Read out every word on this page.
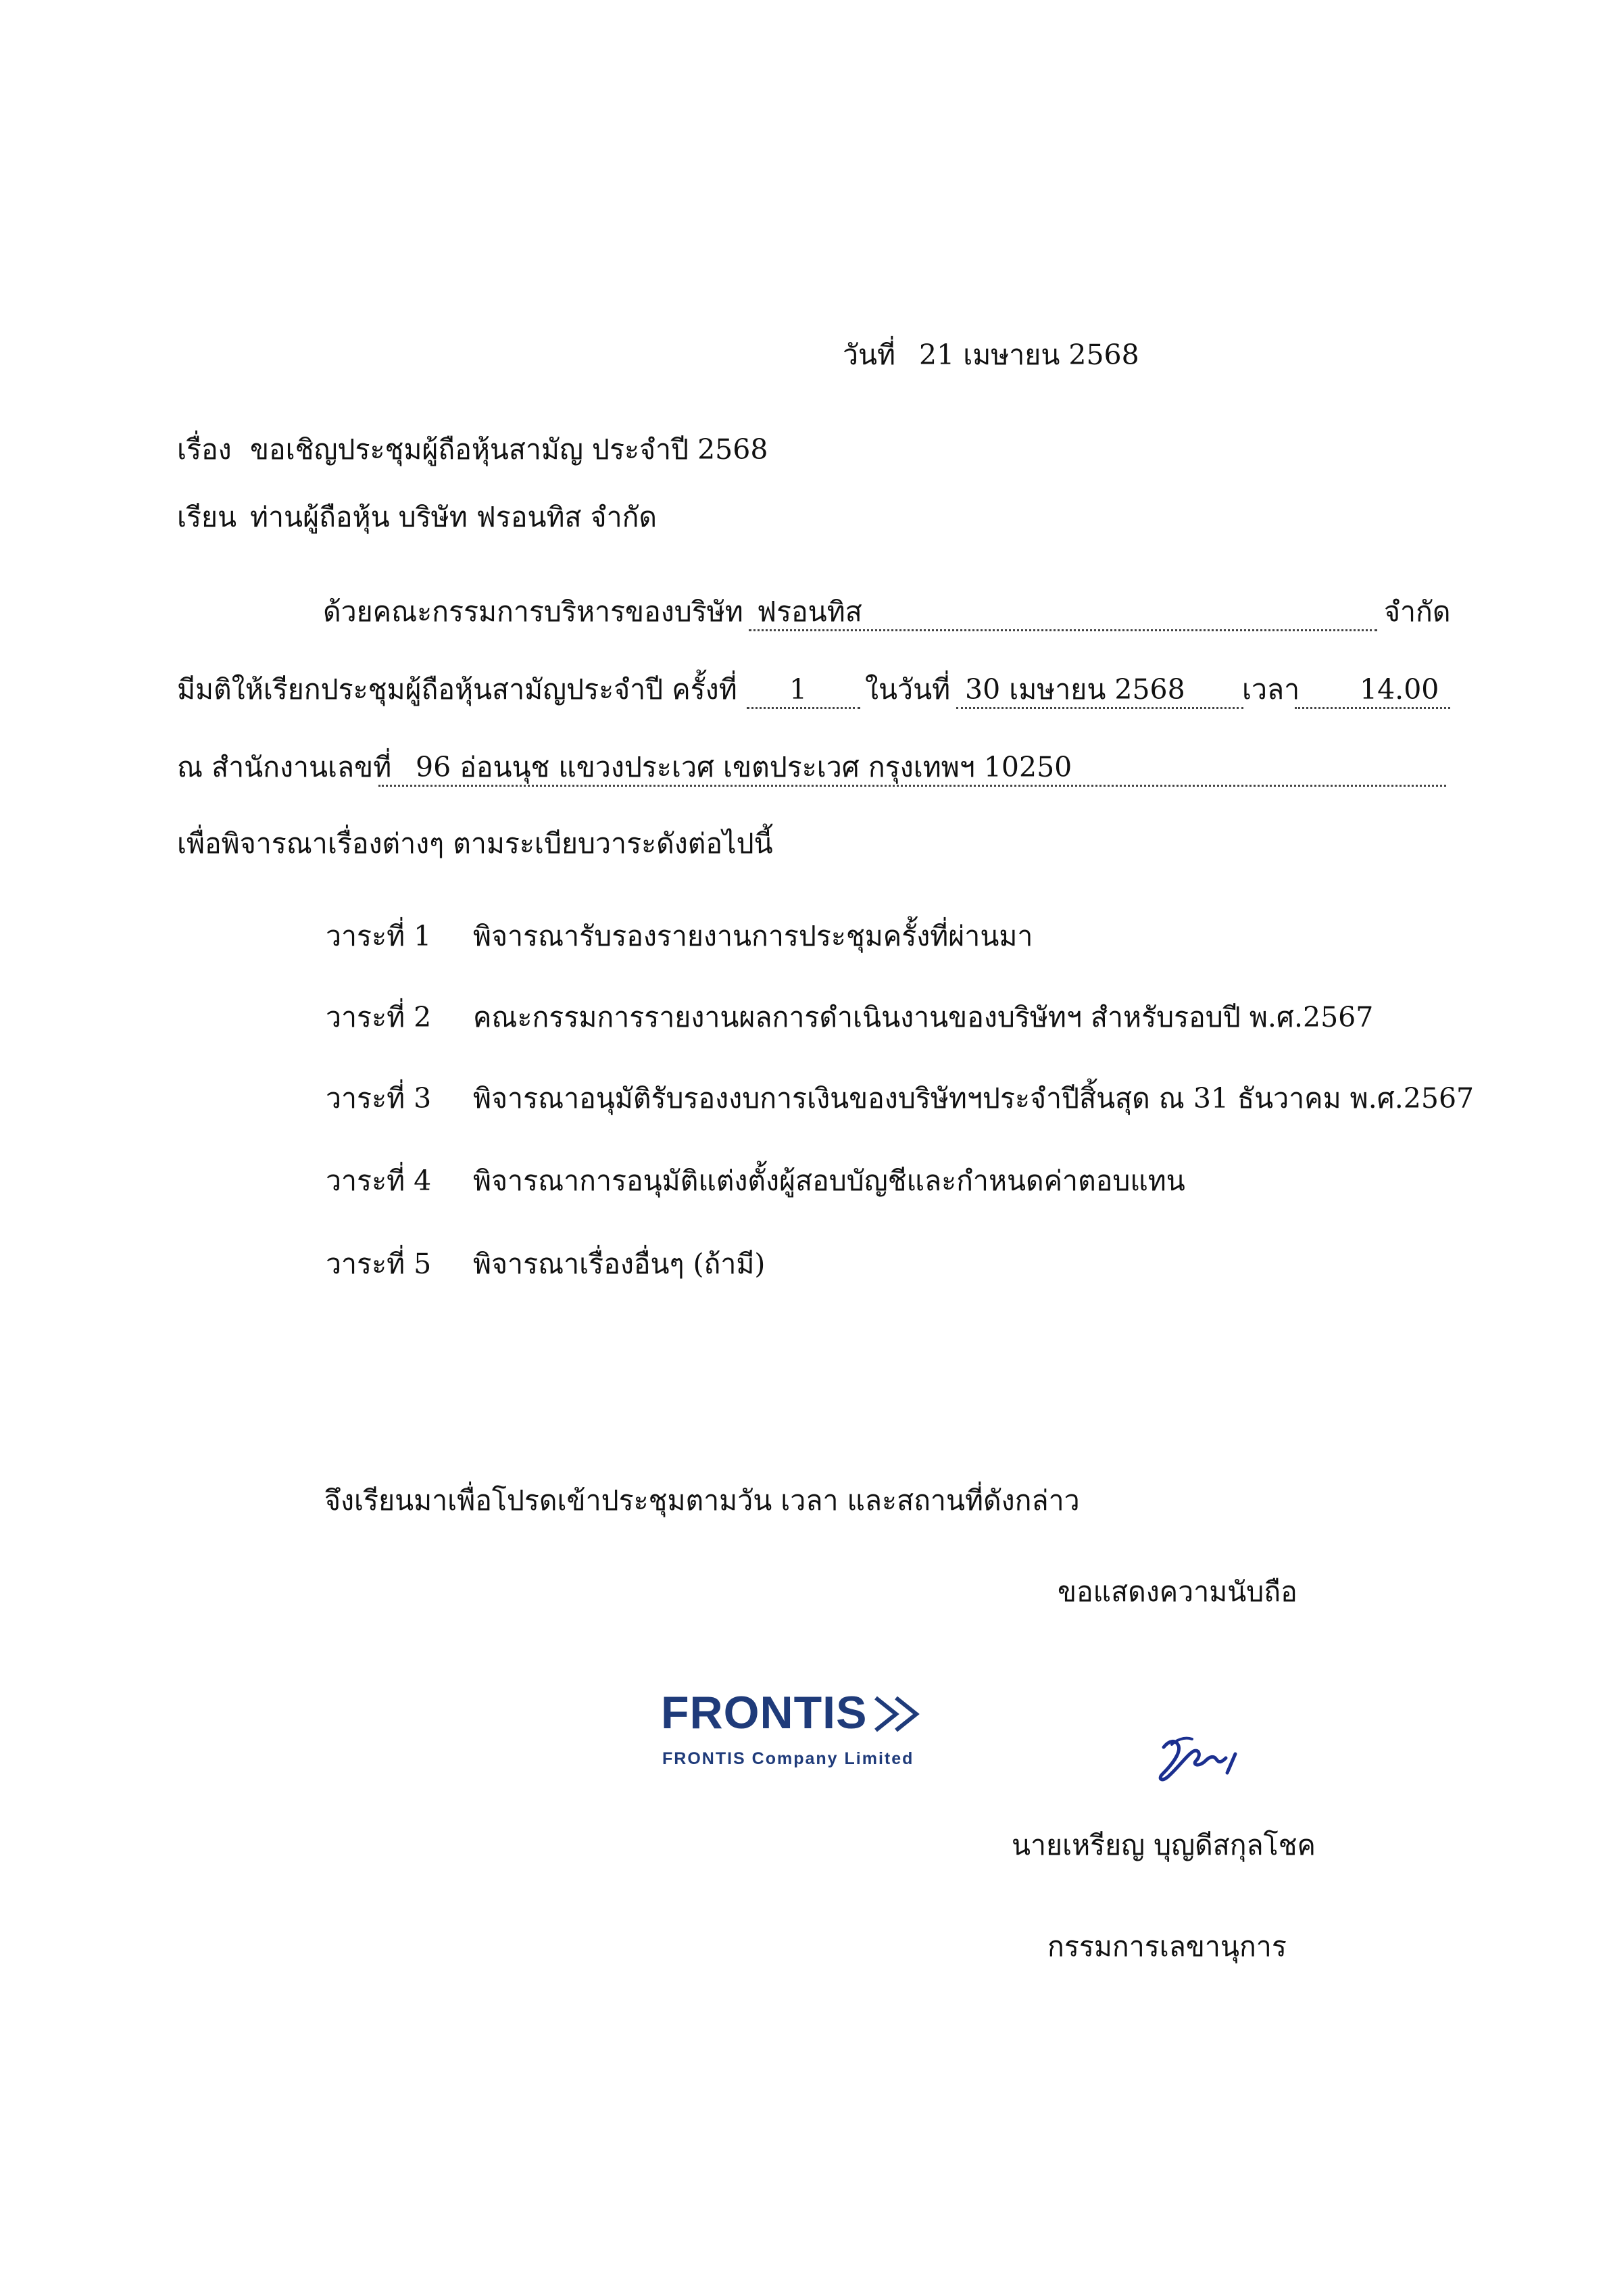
วันที่ 21 เมษายน 2568
เรื่อง ขอเชิญประชุมผู้ถือหุ้นสามัญ ประจำปี 2568
เรียน ท่านผู้ถือหุ้น บริษัท ฟรอนทิส จำกัด
ด้วยคณะกรรมการบริหารของบริษัท ฟรอนทิส	จำกัด
มีมติให้เรียกประชุมผู้ถือหุ้นสามัญประจำปี ครั้งที่ 1 ในวันที่ 30 เมษายน 2568 เวลา 14.00
ณ สำนักงานเลขที่ 96 อ่อนนุช แขวงประเวศ เขตประเวศ กรุงเทพฯ 10250
เพื่อพิจารณาเรื่องต่างๆ ตามระเบียบวาระดังต่อไปนี้
วาระที่ 1 พิจารณารับรองรายงานการประชุมครั้งที่ผ่านมา
วาระที่ 2 คณะกรรมการรายงานผลการดำเนินงานของบริษัทฯ สำหรับรอบปี พ.ศ.2567
วาระที่ 3 พิจารณาอนุมัติรับรองงบการเงินของบริษัทฯประจำปีสิ้นสุด ณ 31 ธันวาคม พ.ศ.2567
วาระที่ 4 พิจารณาการอนุมัติแต่งตั้งผู้สอบบัญชีและกำหนดค่าตอบแทน
วาระที่ 5 พิจารณาเรื่องอื่นๆ (ถ้ามี)
จึงเรียนมาเพื่อโปรดเข้าประชุมตามวัน เวลา และสถานที่ดังกล่าว
ขอแสดงความนับถือ
FRONTIS
FRONTIS Company Limited
นายเหรียญ บุญดีสกุลโชค
กรรมการเลขานุการ
